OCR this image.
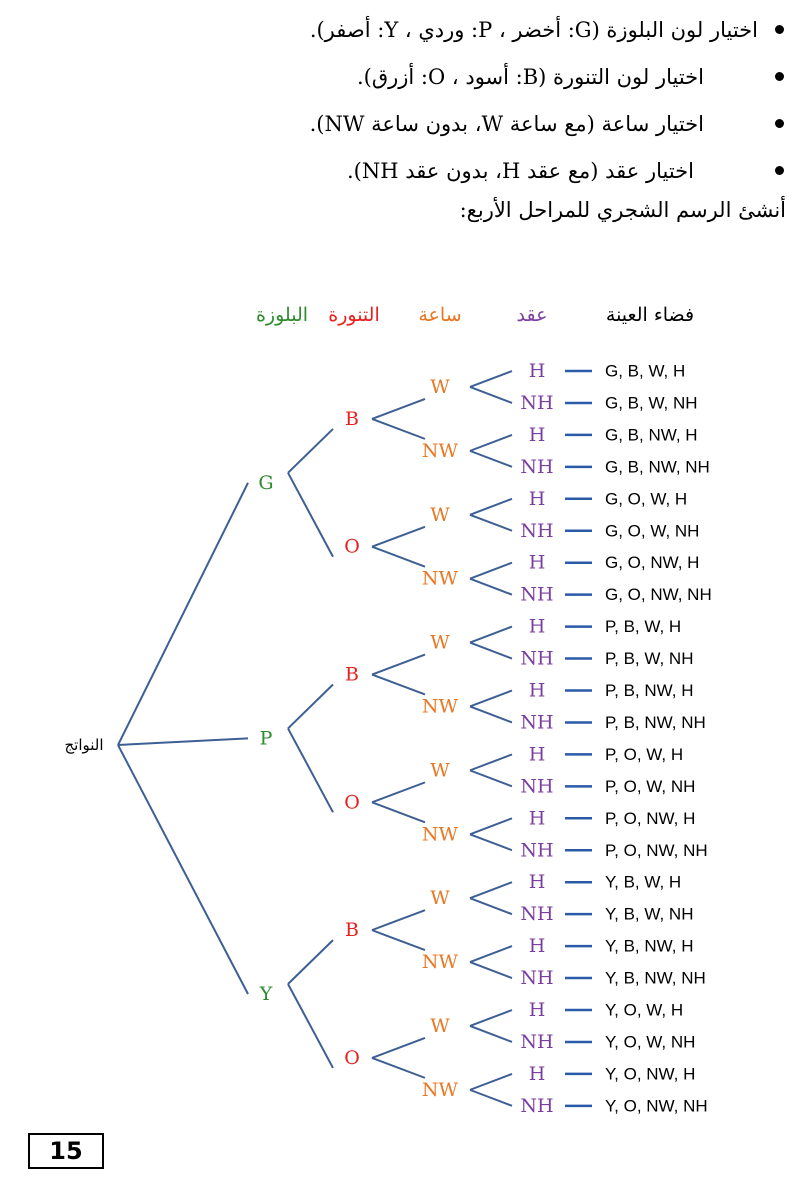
اختيار لون البلوزة (G: أخضر ، P: وردي ، Y: أصفر).
اختيار لون التنورة (B: أسود ، O: أزرق).
اختيار ساعة (مع ساعة W، بدون ساعة NW).
اختيار عقد (مع عقد H، بدون عقد NH).
أنشئ الرسم الشجري للمراحل الأربع:
البلوزة التنورة ساعة	عقد	فضاء العينة
النواتج
G
B
W
H	G, B, W, H
NH	G, B, W, NH
NW
H	G, B, NW, H
NH	G, B, NW, NH
O
W
H	G, O, W, H
NH	G, O, W, NH
NW
H	G, O, NW, H
NH	G, O, NW, NH
P
B
W
H	P, B, W, H
NH	P, B, W, NH
NW
H	P, B, NW, H
NH	P, B, NW, NH
O
W
H	P, O, W, H
NH	P, O, W, NH
NW
H	P, O, NW, H
NH	P, O, NW, NH
Y
B
W
H	Y, B, W, H
NH	Y, B, W, NH
NW
H	Y, B, NW, H
NH	Y, B, NW, NH
O
W
H	Y, O, W, H
NH	Y, O, W, NH
NW
H	Y, O, NW, H
NH	Y, O, NW, NH
15
